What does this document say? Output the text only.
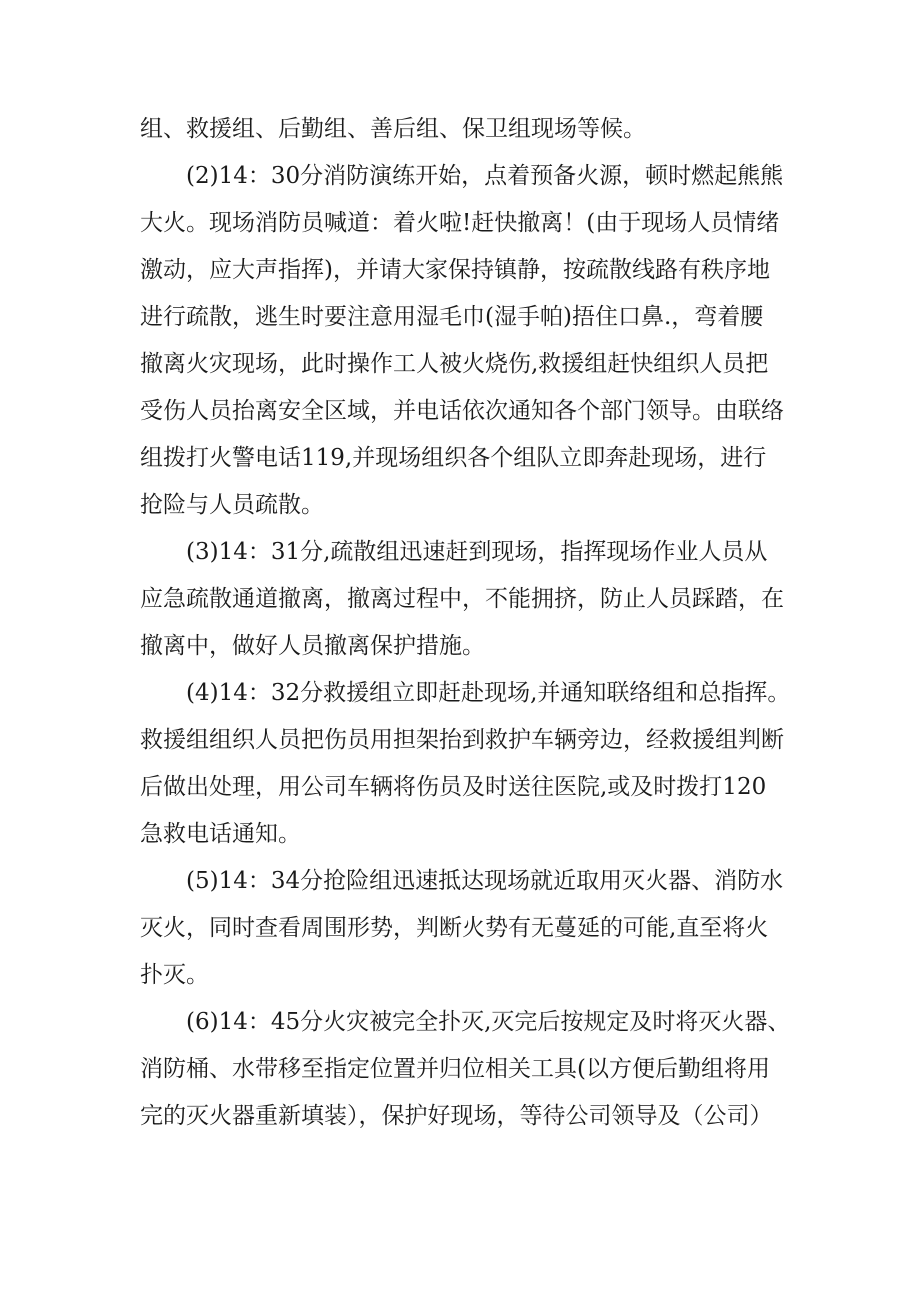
组、救援组、后勤组、善后组、保卫组现场等候。
(2)14：30分消防演练开始，点着预备火源，顿时燃起熊熊
大火。现场消防员喊道：着火啦!赶快撤离！(由于现场人员情绪
激动，应大声指挥)，并请大家保持镇静，按疏散线路有秩序地
进行疏散，逃生时要注意用湿毛巾(湿手帕)捂住口鼻.，弯着腰
撤离火灾现场，此时操作工人被火烧伤,救援组赶快组织人员把
受伤人员抬离安全区域，并电话依次通知各个部门领导。由联络
组拨打火警电话119,并现场组织各个组队立即奔赴现场，进行
抢险与人员疏散。
(3)14：31分,疏散组迅速赶到现场，指挥现场作业人员从
应急疏散通道撤离，撤离过程中，不能拥挤，防止人员踩踏，在
撤离中，做好人员撤离保护措施。
(4)14：32分救援组立即赶赴现场,并通知联络组和总指挥。
救援组组织人员把伤员用担架抬到救护车辆旁边，经救援组判断
后做出处理，用公司车辆将伤员及时送往医院,或及时拨打120
急救电话通知。
(5)14：34分抢险组迅速抵达现场就近取用灭火器、消防水
灭火，同时查看周围形势，判断火势有无蔓延的可能,直至将火
扑灭。
(6)14：45分火灾被完全扑灭,灭完后按规定及时将灭火器、
消防桶、水带移至指定位置并归位相关工具(以方便后勤组将用
完的灭火器重新填装），保护好现场，等待公司领导及（公司）
